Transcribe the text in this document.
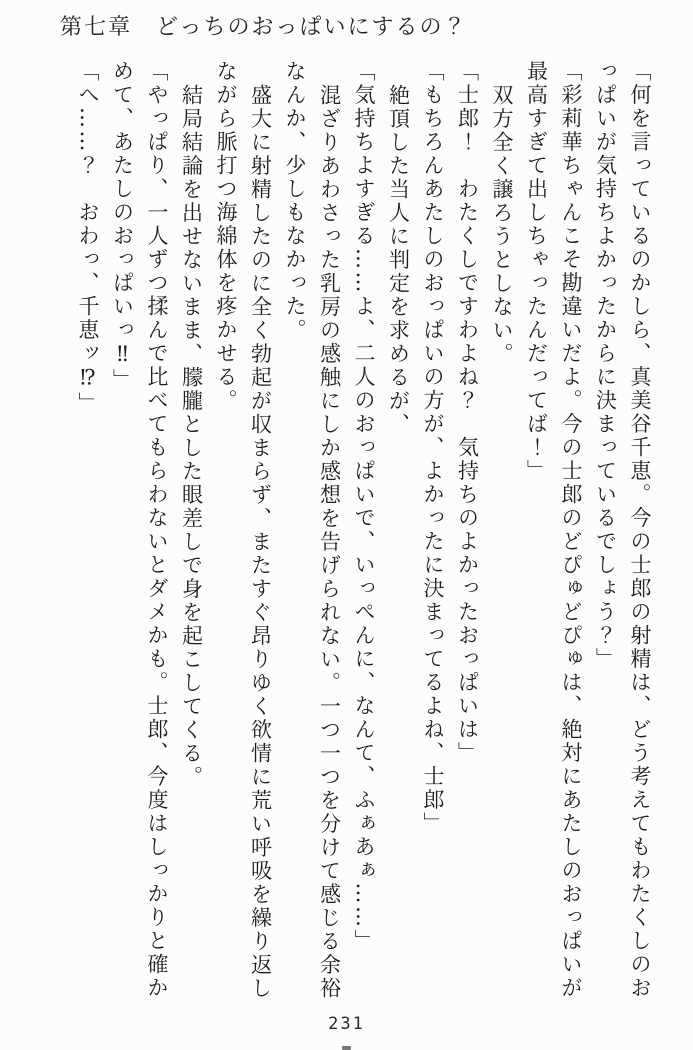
第七章　どっちのおっぱいにするの？

「何を言っているのかしら、真美谷千恵。今の士郎の射精は、どう考えてもわたくしのおっぱいが気持ちよかったからに決まっているでしょう？」

「彩莉華ちゃんこそ勘違いだよ。今の士郎のどぴゅどぴゅは、絶対にあたしのおっぱいが最高すぎて出しちゃったんだってば！」

双方全く譲ろうとしない。

「士郎！　わたくしですわよね？　気持ちのよかったおっぱいは」

「もちろんあたしのおっぱいの方が、よかったに決まってるよね、士郎」

絶頂した当人に判定を求めるが、

「気持ちよすぎる……よ、二人のおっぱいで、いっぺんに、なんて、ふぁあぁ……」

混ざりあわさった乳房の感触にしか感想を告げられない。一つ一つを分けて感じる余裕なんか、少しもなかった。

盛大に射精したのに全く勃起が収まらず、またすぐ昂りゆく欲情に荒い呼吸を繰り返しながら脈打つ海綿体を疼かせる。

結局結論を出せないまま、朦朧とした眼差しで身を起こしてくる。

「やっぱり、一人ずつ揉んで比べてもらわないとダメかも。士郎、今度はしっかりと確かめて、あたしのおっぱいっ‼」

「へ……？　おわっ、千恵ッ⁉」

231
